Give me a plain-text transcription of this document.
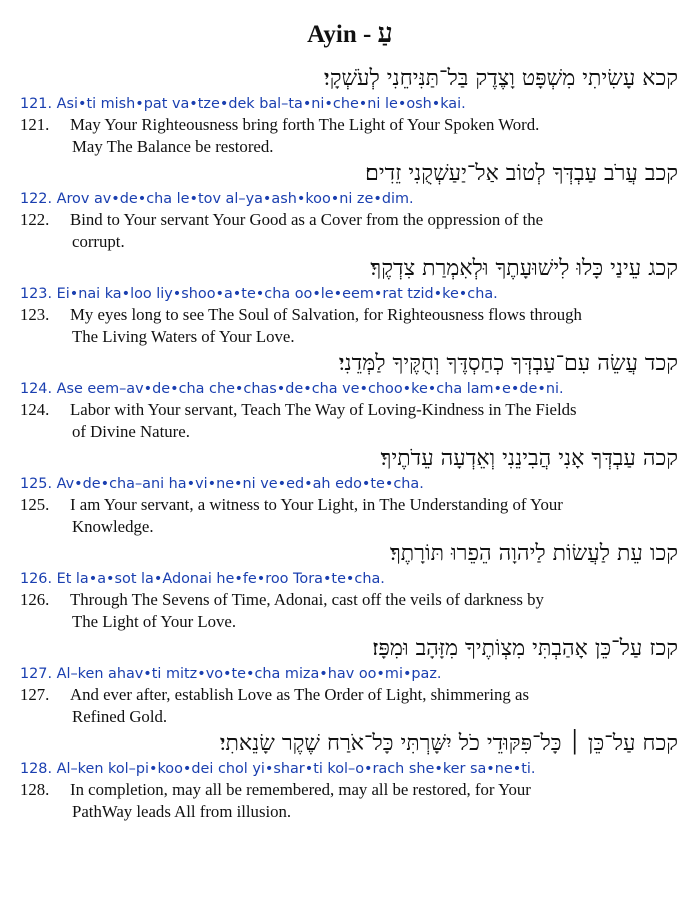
Ayin - עַ

קכא עָשִׂיתִי מִשְׁפָּט וָצֶדֶק בַּל־תַּנִּיחֵנִי לְעֹשְׁקָי׃

121. Asi•ti mish•pat va•tze•dek bal–ta•ni•che•ni le•osh•kai.

121.	May Your Righteousness bring forth The Light of Your Spoken Word.
May The Balance be restored.

קכב עֲרֹב עַבְדְּךָ לְטוֹב אַל־יַעַשְׁקֻנִי זֵדִים׃

122. Arov av•de•cha le•tov al–ya•ash•koo•ni ze•dim.

122.	Bind to Your servant Your Good as a Cover from the oppression of the
corrupt.

קכג עֵינַי כָּלוּ לִישׁוּעָתֶךָ וּלְאִמְרַת צִדְקֶךָ׃

123. Ei•nai ka•loo liy•shoo•a•te•cha oo•le•eem•rat tzid•ke•cha.

123.	My eyes long to see The Soul of Salvation, for Righteousness flows through
The Living Waters of Your Love.

קכד עֲשֵׂה עִם־עַבְדְּךָ כְחַסְדֶּךָ וְחֻקֶּיךָ לַמְּדֵנִי׃

124. Ase eem–av•de•cha che•chas•de•cha ve•choo•ke•cha lam•e•de•ni.

124.	Labor with Your servant, Teach The Way of Loving-Kindness in The Fields
of Divine Nature.

קכה עַבְדְּךָ אָנִי הֲבִינֵנִי וְאֵדְעָה עֵדֹתֶיךָ׃

125. Av•de•cha–ani ha•vi•ne•ni ve•ed•ah edo•te•cha.

125.	I am Your servant, a witness to Your Light, in The Understanding of Your
Knowledge.

קכו עֵת לַעֲשׂוֹת לַיהוָה הֵפֵרוּ תּוֹרָתֶךָ׃

126. Et la•a•sot la•Adonai he•fe•roo Tora•te•cha.

126.	Through The Sevens of Time, Adonai, cast off the veils of darkness by
The Light of Your Love.

קכז עַל־כֵּן אָהַבְתִּי מִצְוֹתֶיךָ מִזָּהָב וּמִפָּז׃

127. Al–ken ahav•ti mitz•vo•te•cha miza•hav oo•mi•paz.

127.	And ever after, establish Love as The Order of Light, shimmering as
Refined Gold.

קכח עַל־כֵּן ׀ כָּל־פִּקּוּדֵי כֹל יִשָּׁרְתִּי כָּל־אֹרַח שֶׁקֶר שָׂנֵאתִי׃

128. Al–ken kol–pi•koo•dei chol yi•shar•ti kol–o•rach she•ker sa•ne•ti.

128.	In completion, may all be remembered, may all be restored, for Your
PathWay leads All from illusion.
